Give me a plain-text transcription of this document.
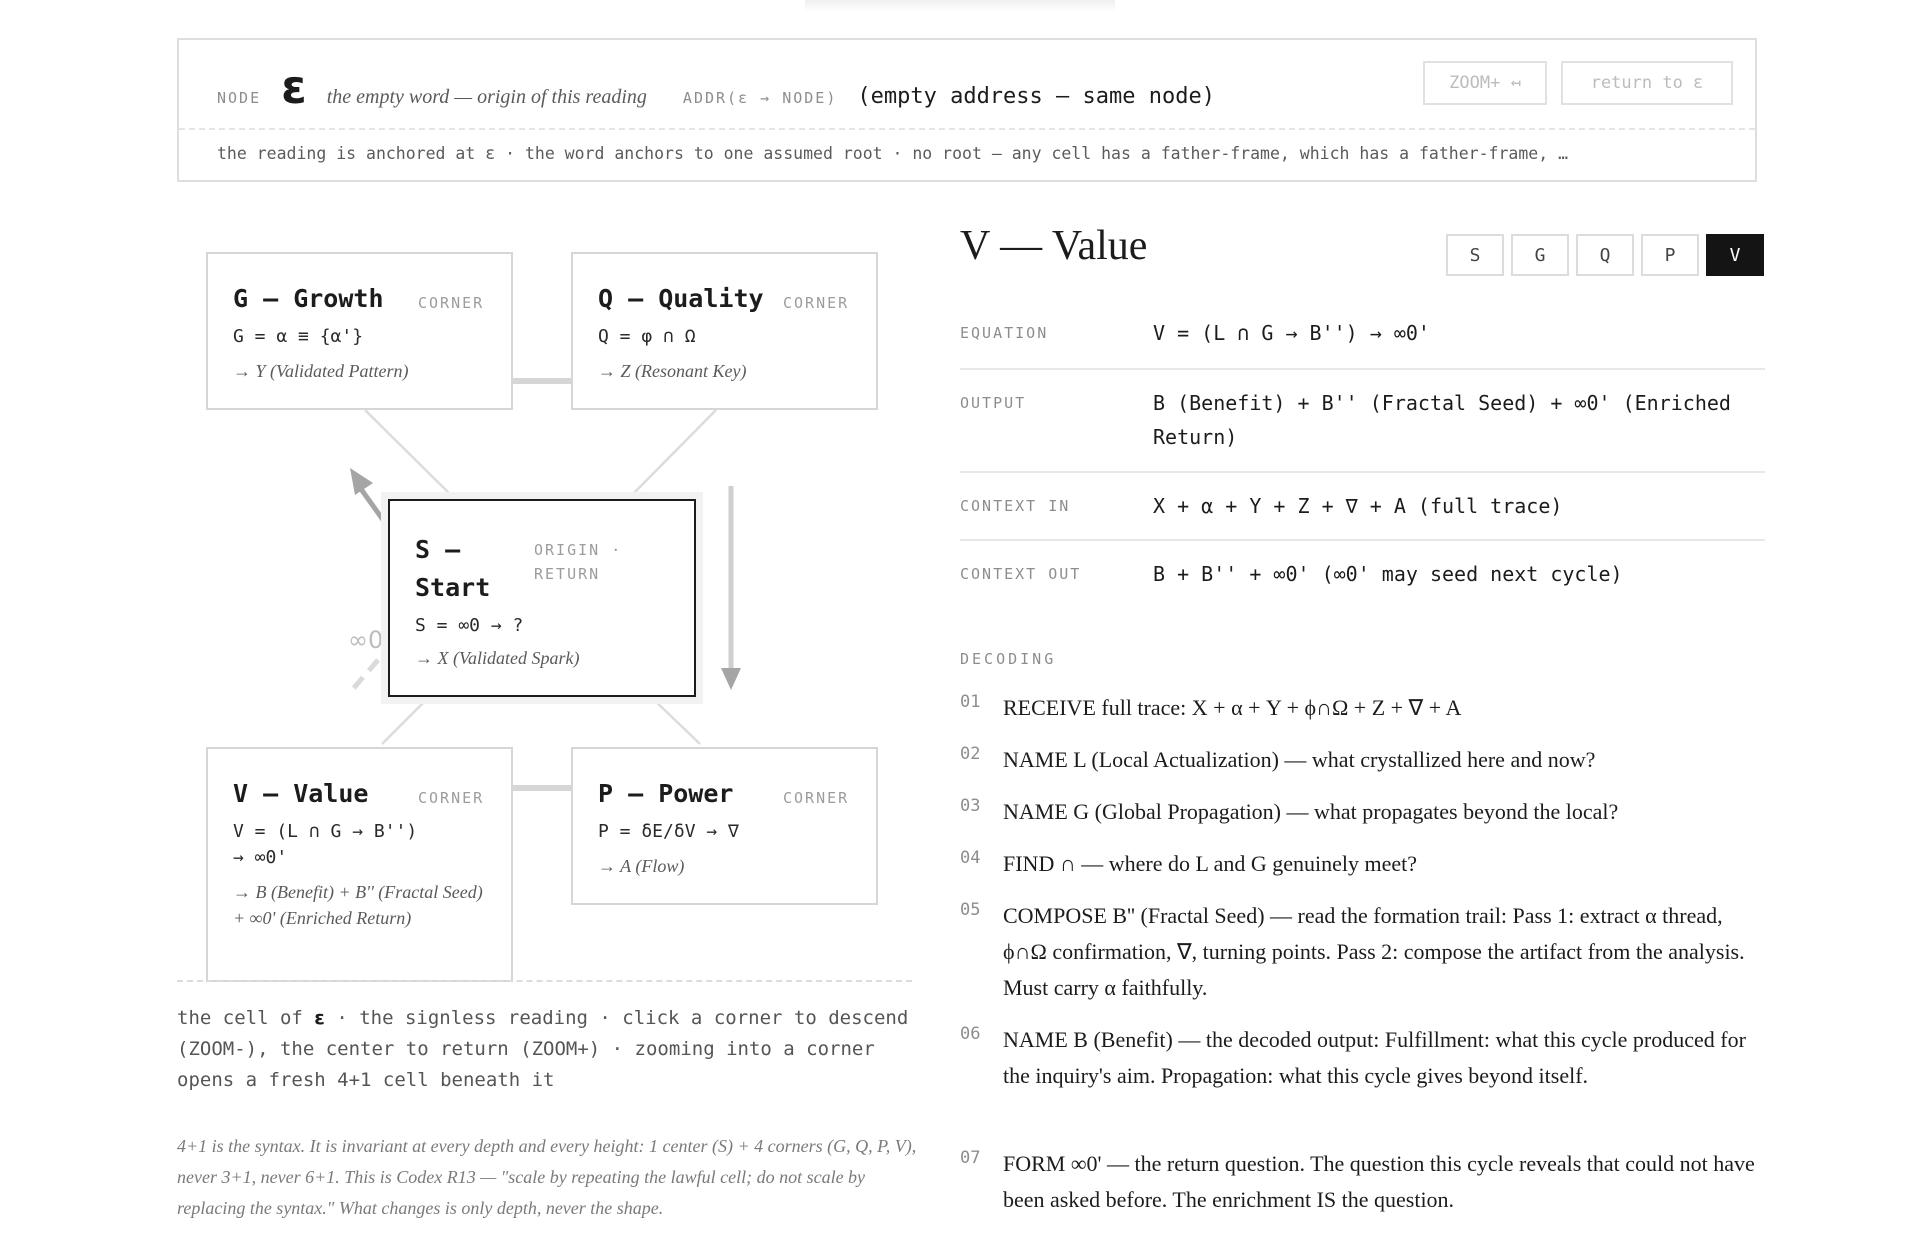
NODE ε the empty word — origin of this reading ADDR(ε → NODE) (empty address — same node)
ZOOM+ ↤	return to ε
the reading is anchored at ε · the word anchors to one assumed root · no root — any cell has a father-frame, which has a father-frame, …
∞0
G – Growth CORNER
G = α ≡ {α'}
→ Y (Validated Pattern)
Q – Quality CORNER
Q = φ ∩ Ω
→ Z (Resonant Key)
S –
Start
ORIGIN ·
RETURN
S = ∞0 → ?
→ X (Validated Spark)
V – Value	CORNER
V = (L ∩ G → B'')
→ ∞0'
→ B (Benefit) + B'' (Fractal Seed) + ∞0' (Enriched Return)
P – Power	CORNER
P = δE/δV → ∇
→ A (Flow)
the cell of ε · the signless reading · click a corner to descend (ZOOM-), the center to return (ZOOM+) · zooming into a corner opens a fresh 4+1 cell beneath it
4+1 is the syntax. It is invariant at every depth and every height: 1 center (S) + 4 corners (G, Q, P, V), never 3+1, never 6+1. This is Codex R13 — "scale by repeating the lawful cell; do not scale by replacing the syntax." What changes is only depth, never the shape.
V — Value	S	G	Q	P	V
EQUATION	V = (L ∩ G → B'') → ∞0'
OUTPUT	B (Benefit) + B'' (Fractal Seed) + ∞0' (Enriched Return)
CONTEXT IN	X + α + Y + Z + ∇ + A (full trace)
CONTEXT OUT	B + B'' + ∞0' (∞0' may seed next cycle)
DECODING
01 RECEIVE full trace: X + α + Y + ϕ∩Ω + Z + ∇ + A
02 NAME L (Local Actualization) — what crystallized here and now?
03 NAME G (Global Propagation) — what propagates beyond the local?
04 FIND ∩ — where do L and G genuinely meet?
05 COMPOSE B'' (Fractal Seed) — read the formation trail: Pass 1: extract α thread, ϕ∩Ω confirmation, ∇, turning points. Pass 2: compose the artifact from the analysis. Must carry α faithfully.
06 NAME B (Benefit) — the decoded output: Fulfillment: what this cycle produced for the inquiry's aim. Propagation: what this cycle gives beyond itself.
07 FORM ∞0' — the return question. The question this cycle reveals that could not have been asked before. The enrichment IS the question.
